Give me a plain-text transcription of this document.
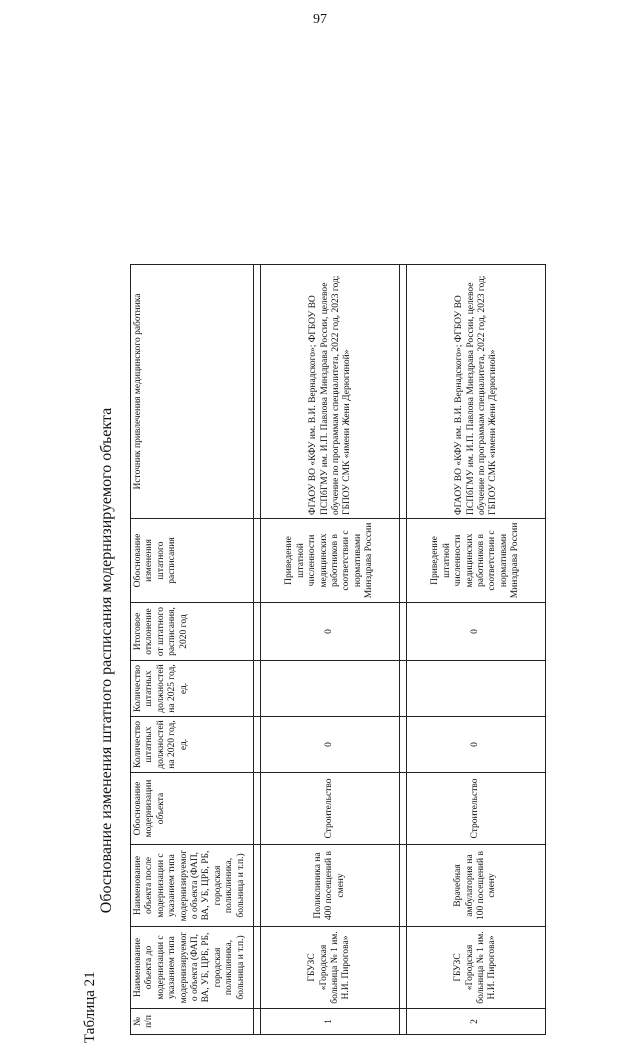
97
Таблица 21
Обоснование изменения штатного расписания модернизируемого объекта
№ п/п	Наименование объекта до модернизации с указанием типа модернизируемого объекта (ФАП, ВА, УБ, ЦРБ, РБ, городская поликлиника, больница и т.п.)	Наименование объекта после модернизации с указанием типа модернизируемого объекта (ФАП, ВА, УБ, ЦРБ, РБ, городская поликлиника, больница и т.п.)	Обоснование модернизации объекта	Количество штатных должностей на 2020 год, ед.	Количество штатных должностей на 2025 год, ед.	Итоговое отклонение от штатного расписания, 2020 год	Обоснование изменения штатного расписания	Источник привлечения медицинского работника

1	ГБУЗС «Городская больница № 1 им. Н.И. Пирогова»	Поликлиника на 400 посещений в смену	Строительство	0		0	Приведение штатной численности медицинских работников в соответствии с нормативами Минздрава России	ФГАОУ ВО «КФУ им. В.И. Вернадского»; ФГБОУ ВО ПСПбГМУ им. И.П. Павлова Минздрава России, целевое обучение по программам специалитета, 2022 год, 2023 год; ГБПОУ СМК «имени Жени Дерюгиной»

2	ГБУЗС «Городская больница № 1 им. Н.И. Пирогова»	Врачебная амбулатория на 100 посещений в смену	Строительство	0		0	Приведение штатной численности медицинских работников в соответствии с нормативами Минздрава России	ФГАОУ ВО «КФУ им. В.И. Вернадского»; ФГБОУ ВО ПСПбГМУ им. И.П. Павлова Минздрава России, целевое обучение по программам специалитета, 2022 год, 2023 год; ГБПОУ СМК «имени Жени Дерюгиной»
